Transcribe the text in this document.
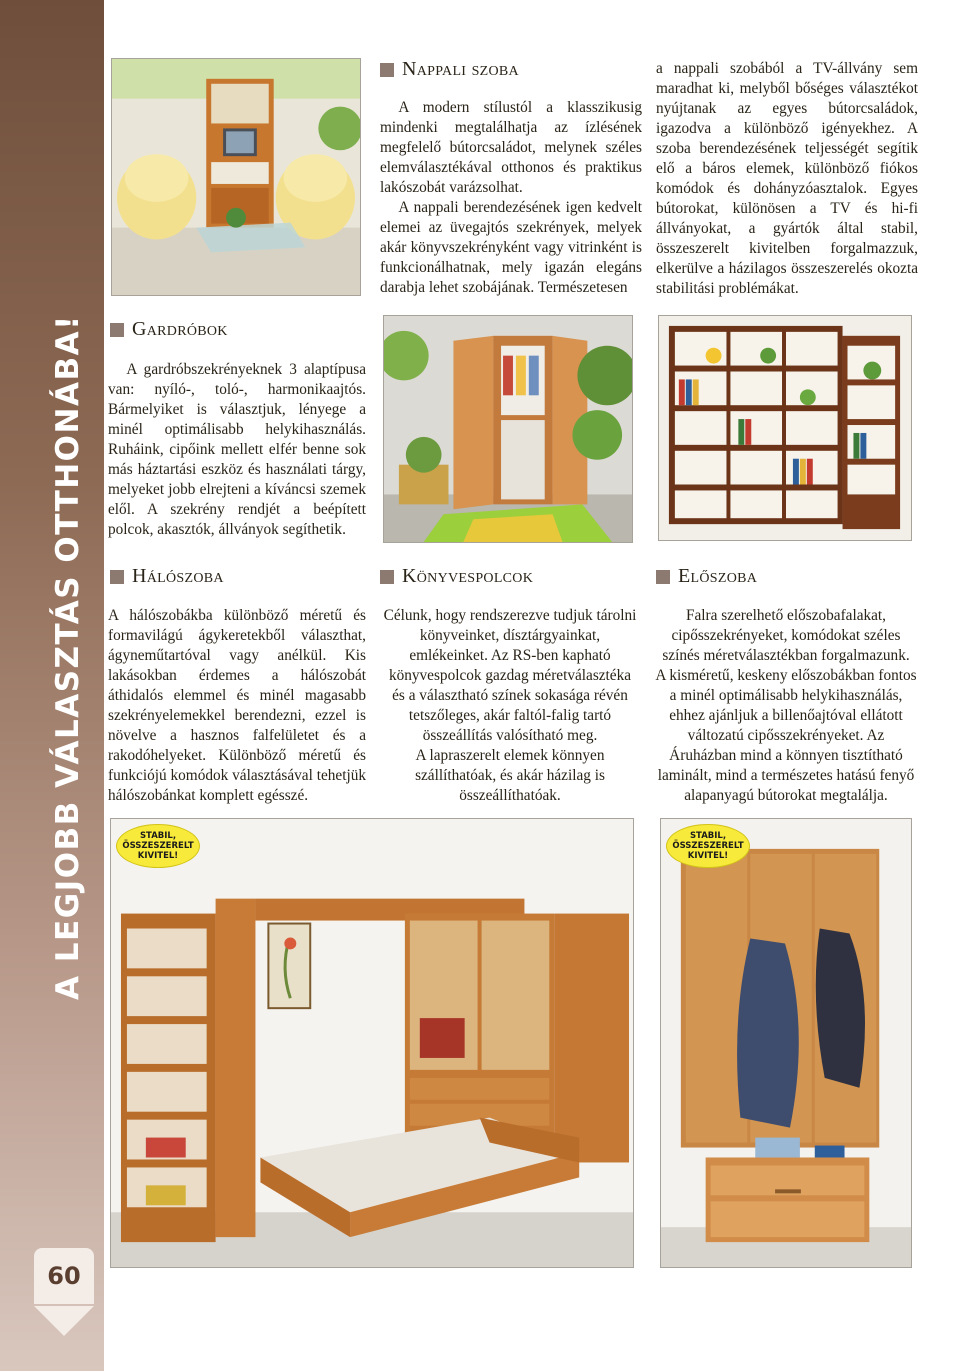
A LEGJOBB VÁLASZTÁS OTTHONÁBA!
60
Nappali szoba

A modern stílustól a klasszikusig mindenki megtalálhatja az ízlésének megfelelő bútorcsaládot, melynek széles elemválasztékával otthonos és praktikus lakószobát varázsolhat.

A nappali berendezésének igen kedvelt elemei az üvegajtós szekrények, melyek akár könyvszekrényként vagy vitrinként is funkcionálhatnak, mely igazán elegáns darabja lehet szobájának. Természetesen

a nappali szobából a TV-állvány sem maradhat ki, melyből bőséges választékot nyújtanak az egyes bútorcsaládok, igazodva a különböző igényekhez. A szoba berendezésének teljességét segítik elő a báros elemek, különböző fiókos komódok és dohányzóasztalok. Egyes bútorokat, különösen a TV és hi-fi állványokat, a gyártók által stabil, összeszerelt kivitelben forgalmazzuk, elkerülve a házilagos összeszerelés okozta stabilitási problémákat.

Gardróbok

A gardróbszekrényeknek 3 alaptípusa van: nyíló-, toló-, harmonikaajtós. Bármelyiket is választjuk, lényege a minél optimálisabb helykihasználás. Ruháink, cipőink mellett elfér benne sok más háztartási eszköz és használati tárgy, melyeket jobb elrejteni a kíváncsi szemek elől. A szekrény rendjét a beépített polcok, akasztók, állványok segíthetik.

Hálószoba

A hálószobákba különböző méretű és formavilágú ágykeretekből választhat, ágyneműtartóval vagy anélkül. Kis lakásokban érdemes a hálószobát áthidalós elemmel és minél magasabb szekrényelemekkel berendezni, ezzel is növelve a hasznos falfelületet és a rakodóhelyeket. Különböző méretű és funkciójú komódok választásával tehetjük hálószobánkat komplett egésszé.

Könyvespolcok

Célunk, hogy rendszerezve tudjuk tárolni könyveinket, dísztárgyainkat, emlékeinket. Az RS-ben kapható könyvespolcok gazdag méretválasztéka és a választható színek sokasága révén tetszőleges, akár faltól-falig tartó összeállítás valósítható meg.

A lapraszerelt elemek könnyen szállíthatóak, és akár házilag is összeállíthatóak.

Előszoba

Falra szerelhető előszobafalakat, cipősszekrényeket, komódokat széles színés méretválasztékban forgalmazunk.

A kisméretű, keskeny előszobákban fontos a minél optimálisabb helykihasználás, ehhez ajánljuk a billenőajtóval ellátott változatú cipősszekrényeket. Az Áruházban mind a könnyen tisztítható laminált, mind a természetes hatású fenyő alapanyagú bútorokat megtalálja.

STABIL, ÖSSZESZERELT KIVITEL!
STABIL, ÖSSZESZERELT KIVITEL!
